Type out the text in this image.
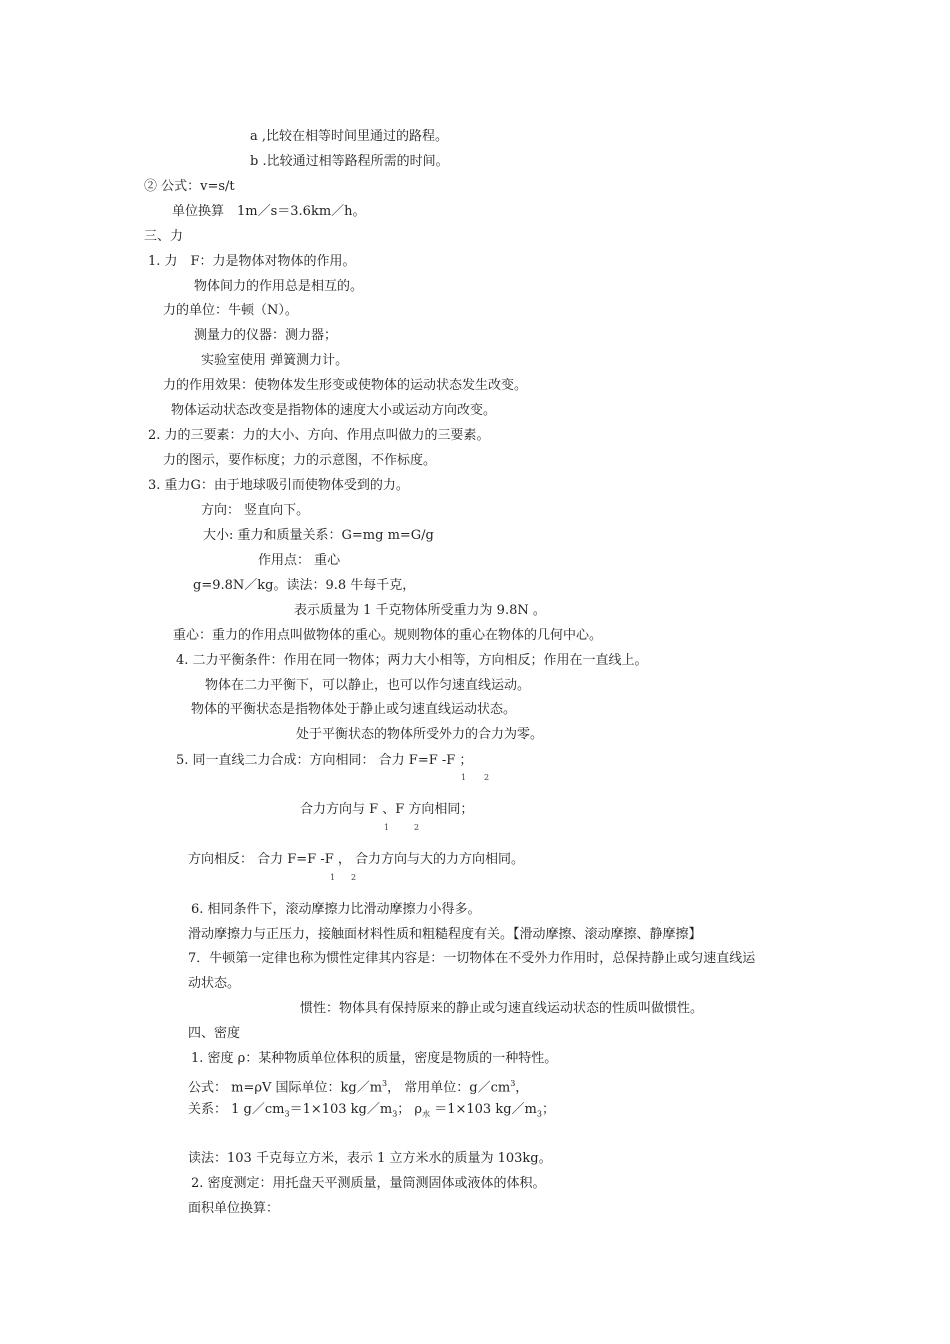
a ,比较在相等时间里通过的路程。
b .比较通过相等路程所需的时间。
② 公式：v=s/t
单位换算　1m／s＝3.6km／h。
三、力
1. 力　F：力是物体对物体的作用。
物体间力的作用总是相互的。
力的单位：牛顿（N）。
测量力的仪器：测力器；
实验室使用 弹簧测力计。
力的作用效果：使物体发生形变或使物体的运动状态发生改变。
物体运动状态改变是指物体的速度大小或运动方向改变。
2. 力的三要素：力的大小、方向、作用点叫做力的三要素。
力的图示，要作标度；力的示意图，不作标度。
3. 重力G：由于地球吸引而使物体受到的力。
方向： 竖直向下。
大小: 重力和质量关系：G=mg m=G/g
作用点： 重心
g=9.8N／kg。读法：9.8 牛每千克，
表示质量为 1 千克物体所受重力为 9.8N 。
重心：重力的作用点叫做物体的重心。规则物体的重心在物体的几何中心。
4. 二力平衡条件：作用在同一物体；两力大小相等，方向相反；作用在一直线上。
物体在二力平衡下，可以静止，也可以作匀速直线运动。
物体的平衡状态是指物体处于静止或匀速直线运动状态。
处于平衡状态的物体所受外力的合力为零。
5. 同一直线二力合成：方向相同： 合力 F=F -F ；
1 2
合力方向与 F 、F 方向相同；
1	2
方向相反： 合力 F=F -F ， 合力方向与大的力方向相同。
1 2
6. 相同条件下，滚动摩擦力比滑动摩擦力小得多。
滑动摩擦力与正压力，接触面材料性质和粗糙程度有关。【滑动摩擦、滚动摩擦、静摩擦】
7．牛顿第一定律也称为惯性定律其内容是：一切物体在不受外力作用时，总保持静止或匀速直线运
动状态。
惯性：物体具有保持原来的静止或匀速直线运动状态的性质叫做惯性。
四、密度
1. 密度 ρ：某种物质单位体积的质量，密度是物质的一种特性。
公式： m=ρV 国际单位：$kg/m^3$， 常用单位：$g/cm^3$，
关系： 1 $g/cm_3=1\times 103$ $kg/m_3$； $\rho_水 =1\times 103$ $kg/m_3$；
读法：103 千克每立方米，表示 1 立方米水的质量为 103kg。
2. 密度测定：用托盘天平测质量，量筒测固体或液体的体积。
面积单位换算：
